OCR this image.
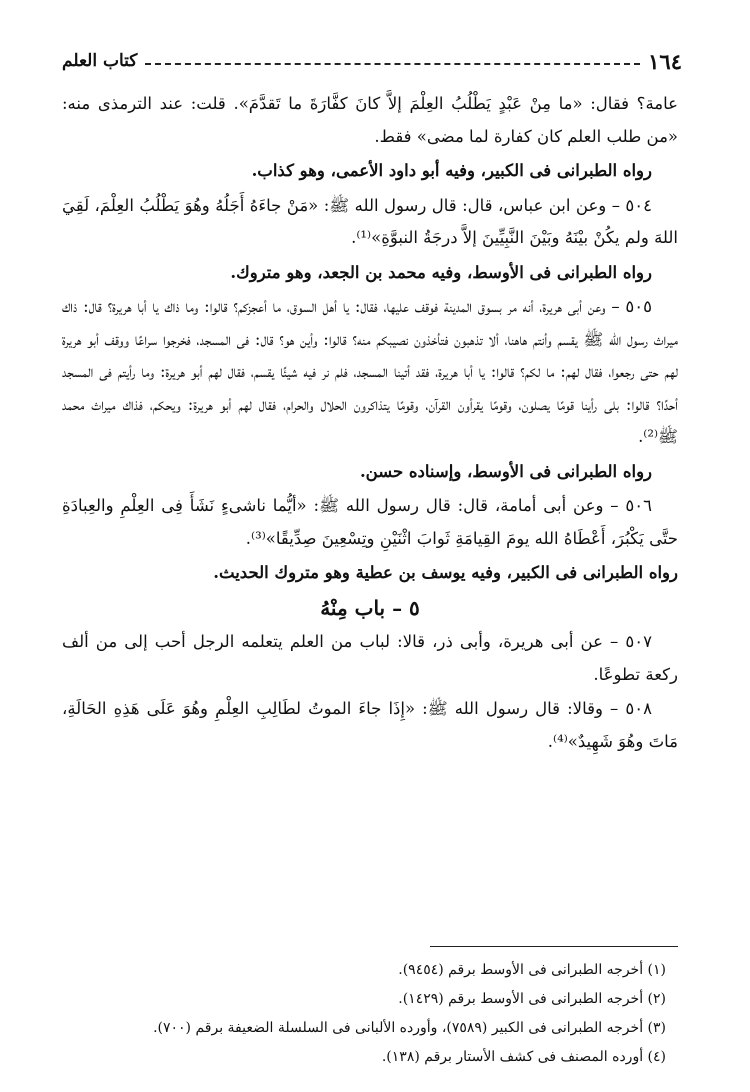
١٦٤
كتاب العلم

عامة؟ فقال: «ما مِنْ عَبْدٍ يَطْلُبُ العِلْمَ إلاَّ كانَ كفَّارَةَ ما تَقدَّمَ». قلت: عند الترمذى منه: «من طلب العلم كان كفارة لما مضى» فقط.

رواه الطبرانى فى الكبير، وفيه أبو داود الأعمى، وهو كذاب.

٥٠٤ – وعن ابن عباس، قال: قال رسول الله ﷺ: «مَنْ جاءَهُ أَجَلُهُ وهُوَ يَطْلُبُ العِلْمَ، لَقِيَ اللهَ ولم يكُنْ بيْنَهُ وبَيْنَ النَّبِيِّينَ إلاَّ درجَةُ النبوَّةِ»⁽¹⁾.

رواه الطبرانى فى الأوسط، وفيه محمد بن الجعد، وهو متروك.

٥٠٥ – وعن أبى هريرة، أنه مر بسوق المدينة فوقف عليها، فقال: يا أهل السوق، ما أعجزكم؟ قالوا: وما ذاك يا أبا هريرة؟ قال: ذاك ميراث رسول الله ﷺ يقسم وأنتم هاهنا، ألا تذهبون فتأخذون نصيبكم منه؟ قالوا: وأين هو؟ قال: فى المسجد، فخرجوا سراعًا ووقف أبو هريرة لهم حتى رجعوا، فقال لهم: ما لكم؟ قالوا: يا أبا هريرة، فقد أتينا المسجد، فلم نر فيه شيئًا يقسم، فقال لهم أبو هريرة: وما رأيتم فى المسجد أحدًا؟ قالوا: بلى رأينا قومًا يصلون، وقومًا يقرأون القرآن، وقومًا يتذاكرون الحلال والحرام، فقال لهم أبو هريرة: ويحكم، فذاك ميراث محمد ﷺ⁽²⁾.

رواه الطبرانى فى الأوسط، وإسناده حسن.

٥٠٦ – وعن أبى أمامة، قال: قال رسول الله ﷺ: «أيُّما ناشىءٍ نَشَأَ فِى العِلْمِ والعِبادَةِ حتَّى يَكْبُرَ، أَعْطَاهُ الله يومَ القِيامَةِ ثَوابَ اثْنَيْنِ وتِسْعِينَ صِدِّيقًا»⁽³⁾.

رواه الطبرانى فى الكبير، وفيه يوسف بن عطية وهو متروك الحديث.

٥ – باب مِنْهُ

٥٠٧ – عن أبى هريرة، وأبى ذر، قالا: لباب من العلم يتعلمه الرجل أحب إلى من ألف ركعة تطوعًا.

٥٠٨ – وقالا: قال رسول الله ﷺ: «إِذَا جاءَ الموتُ لطَالِبِ العِلْمِ وهُوَ عَلَى هَذِهِ الحَالَةِ، مَاتَ وهُوَ شَهِيدٌ»⁽⁴⁾.

(١) أخرجه الطبرانى فى الأوسط برقم (٩٤٥٤).
(٢) أخرجه الطبرانى فى الأوسط برقم (١٤٢٩).
(٣) أخرجه الطبرانى فى الكبير (٧٥٨٩)، وأورده الألبانى فى السلسلة الضعيفة برقم (٧٠٠).
(٤) أورده المصنف فى كشف الأستار برقم (١٣٨).
